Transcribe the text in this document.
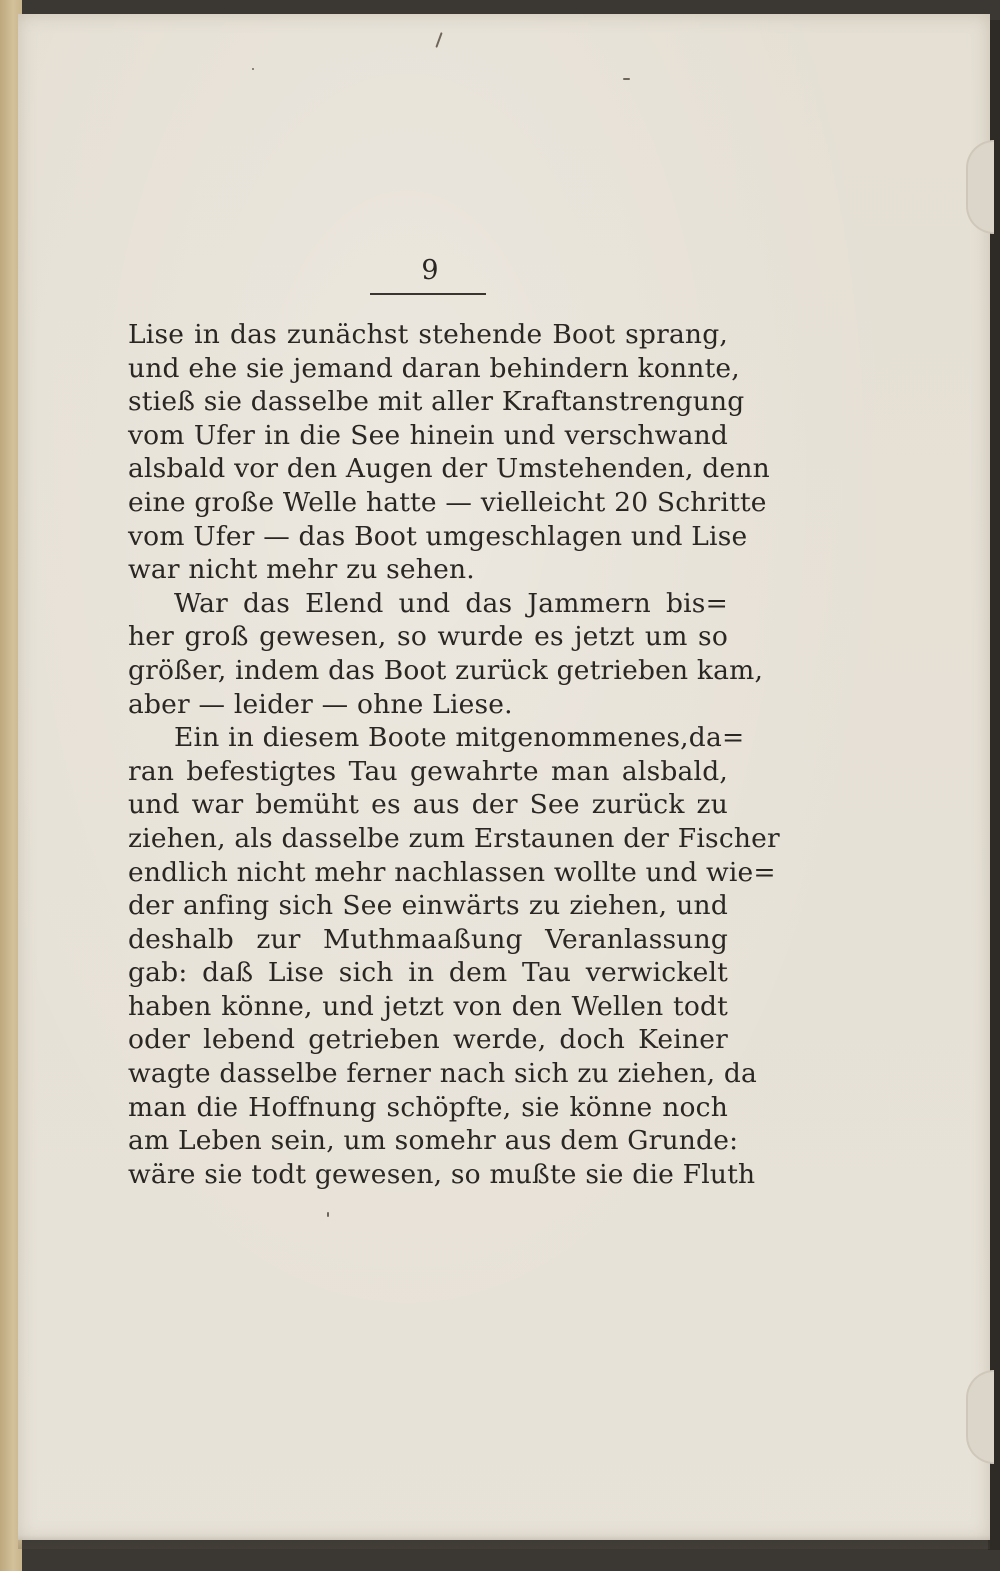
9
Lise in das zunächst stehende Boot sprang,
und ehe sie jemand daran behindern konnte,
stieß sie dasselbe mit aller Kraftanstrengung
vom Ufer in die See hinein und verschwand
alsbald vor den Augen der Umstehenden, denn
eine große Welle hatte — vielleicht 20 Schritte
vom Ufer — das Boot umgeschlagen und Lise
war nicht mehr zu sehen.
War das Elend und das Jammern bis=
her groß gewesen, so wurde es jetzt um so
größer, indem das Boot zurück getrieben kam,
aber — leider — ohne Liese.
Ein in diesem Boote mitgenommenes,da=
ran befestigtes Tau gewahrte man alsbald,
und war bemüht es aus der See zurück zu
ziehen, als dasselbe zum Erstaunen der Fischer
endlich nicht mehr nachlassen wollte und wie=
der anfing sich See einwärts zu ziehen, und
deshalb zur Muthmaaßung Veranlassung
gab: daß Lise sich in dem Tau verwickelt
haben könne, und jetzt von den Wellen todt
oder lebend getrieben werde, doch Keiner
wagte dasselbe ferner nach sich zu ziehen, da
man die Hoffnung schöpfte, sie könne noch
am Leben sein, um somehr aus dem Grunde:
wäre sie todt gewesen, so mußte sie die Fluth
